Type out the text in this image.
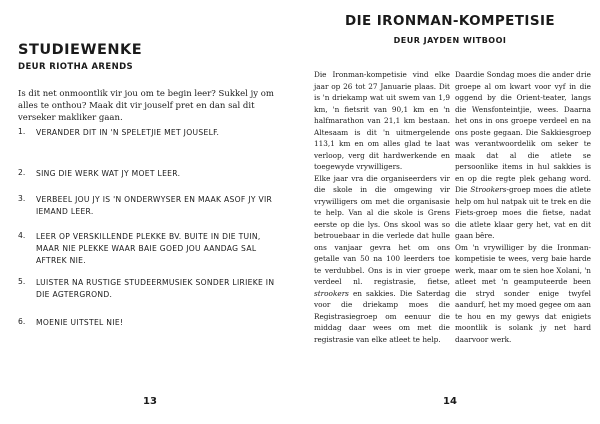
STUDIEWENKE
DEUR RIOTHA ARENDS

Is dit net onmoontlik vir jou om te begin leer? Sukkel jy om alles te onthou? Maak dit vir jouself pret en dan sal dit verseker makliker gaan.

1.	VERANDER DIT IN 'N SPELETJIE MET JOUSELF.
2.	SING DIE WERK WAT JY MOET LEER.
3.	VERBEEL JOU JY IS 'N ONDERWYSER EN MAAK ASOF JY VIR IEMAND LEER.
4.	LEER OP VERSKILLENDE PLEKKE BV. BUITE IN DIE TUIN, MAAR NIE PLEKKE WAAR BAIE GOED JOU AANDAG SAL AFTREK NIE.
5.	LUISTER NA RUSTIGE STUDEERMUSIEK SONDER LIRIEKE IN DIE AGTERGROND.
6.	MOENIE UITSTEL NIE!
13
DIE IRONMAN-KOMPETISIE
DEUR JAYDEN WITBOOI

Die Ironman-kompetisie vind elke jaar op 26 tot 27 Januarie plaas. Dit is 'n driekamp wat uit swem van 1,9 km, 'n fietsrit van 90,1 km en 'n halfmarathon van 21,1 km bestaan. Altesaam is dit 'n uitmergelende 113,1 km en om alles glad te laat verloop, verg dit hardwerkende en toegewyde vrywilligers.

Elke jaar vra die organiseerders vir die skole in die omgewing vir vrywilligers om met die organisasie te help. Van al die skole is Grens eerste op die lys. Ons skool was so betrouebaar in die verlede dat hulle ons vanjaar gevra het om ons getalle van 50 na 100 leerders toe te verdubbel. Ons is in vier groepe verdeel nl. registrasie, fietse, strookers en sakkies. Die Saterdag voor die driekamp moes die Registrasiegroep om eenuur die middag daar wees om met die registrasie van elke atleet te help.

Daardie Sondag moes die ander drie groepe al om kwart voor vyf in die oggend by die Orient-teater, langs die Wensfonteintjie, wees. Daarna het ons in ons groepe verdeel en na ons poste gegaan. Die Sakkiesgroep was verantwoordelik om seker te maak dat al die atlete se persoonlike items in hul sakkies is en op die regte plek gehang word. Die Strookers-groep moes die atlete help om hul natpak uit te trek en die Fiets-groep moes die fietse, nadat die atlete klaar gery het, vat en dit gaan bêre.

Om 'n vrywilliger by die Ironman-kompetisie te wees, verg baie harde werk, maar om te sien hoe Xolani, 'n atleet met 'n geamputeerde been die stryd sonder enige twyfel aandurf, het my moed gegee om aan te hou en my gewys dat enigiets moontlik is solank jy net hard daarvoor werk.

14
